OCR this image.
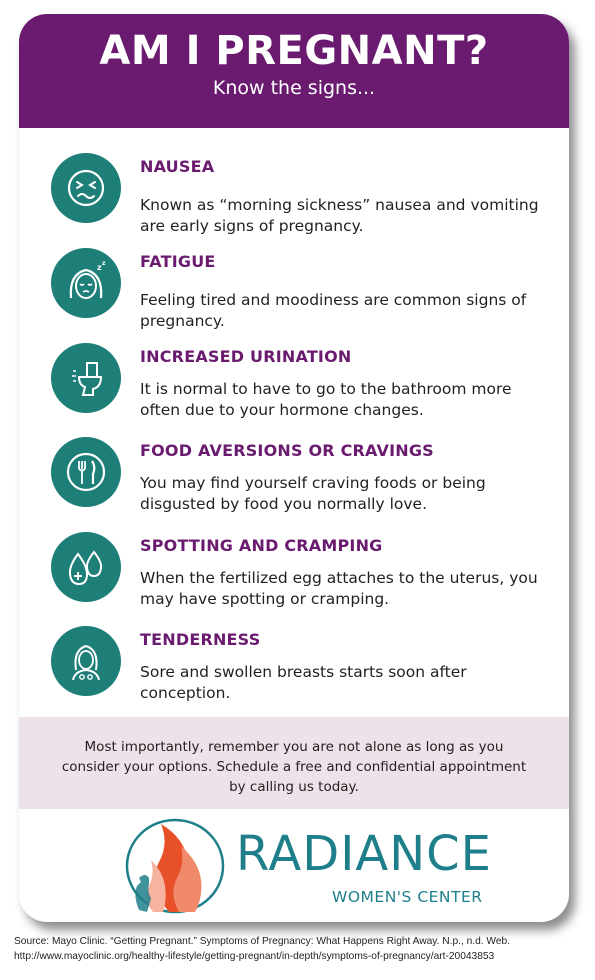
AM I PREGNANT?
Know the signs...
NAUSEA
Known as “morning sickness” nausea and vomiting are early signs of pregnancy.
z z FATIGUE
Feeling tired and moodiness are common signs of pregnancy.
INCREASED URINATION
It is normal to have to go to the bathroom more often due to your hormone changes.
FOOD AVERSIONS OR CRAVINGS
You may find yourself craving foods or being disgusted by food you normally love.
SPOTTING AND CRAMPING
When the fertilized egg attaches to the uterus, you may have spotting or cramping.
TENDERNESS
Sore and swollen breasts starts soon after conception.
Most importantly, remember you are not alone as long as you consider your options. Schedule a free and confidential appointment by calling us today.
RADIANCE
WOMEN'S CENTER
Source: Mayo Clinic. “Getting Pregnant.” Symptoms of Pregnancy: What Happens Right Away. N.p., n.d. Web.
http://www.mayoclinic.org/healthy-lifestyle/getting-pregnant/in-depth/symptoms-of-pregnancy/art-20043853
